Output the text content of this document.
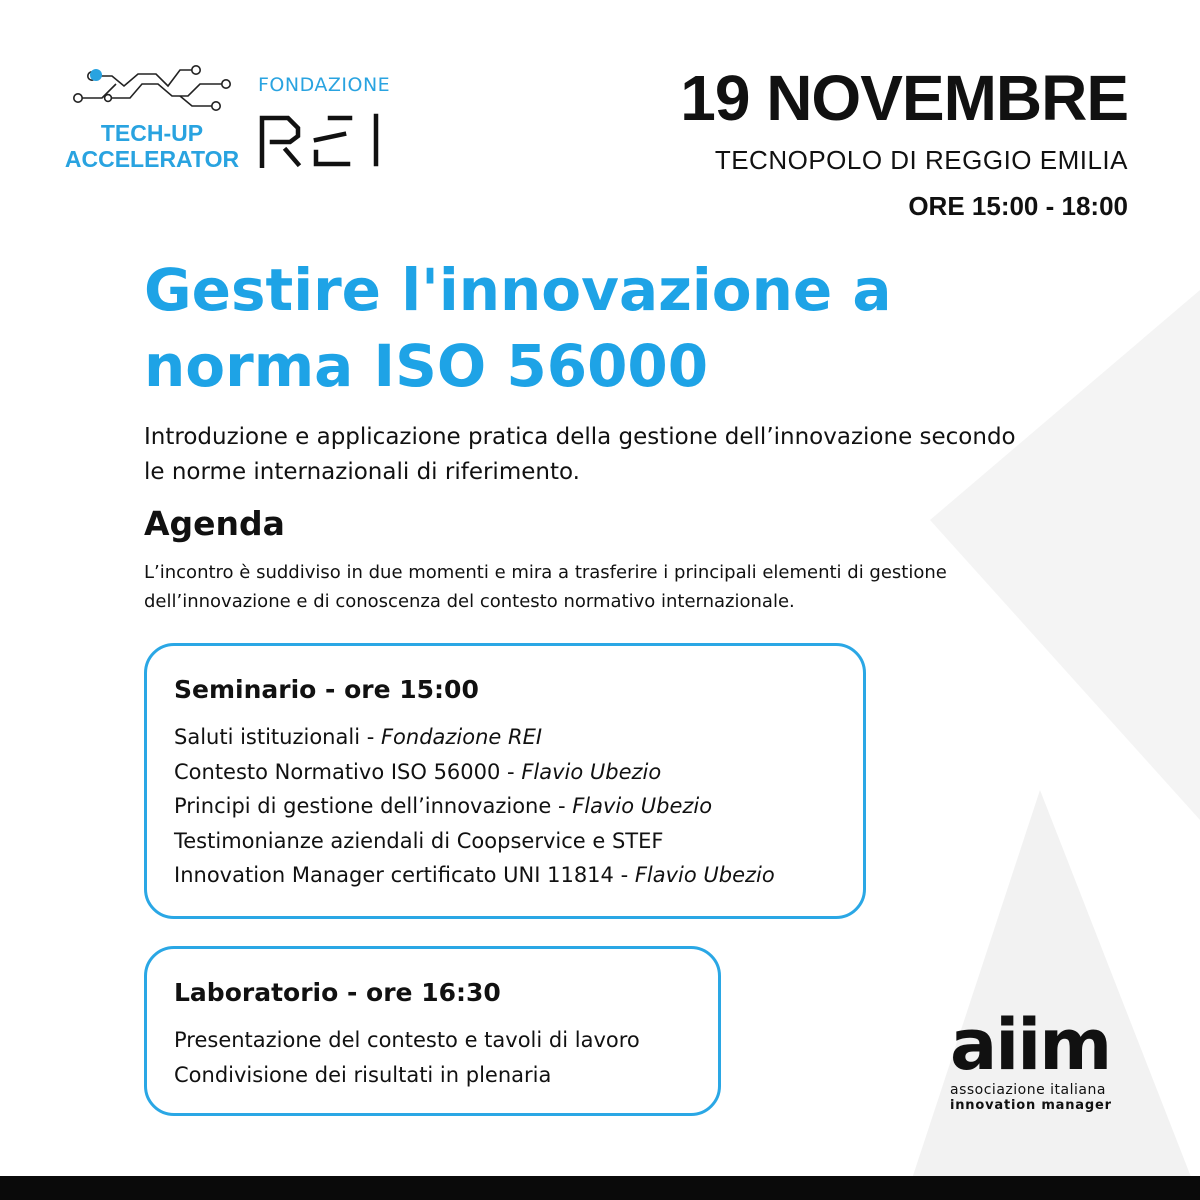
TECH-UP
ACCELERATOR
FONDAZIONE	19 NOVEMBRE
TECNOPOLO DI REGGIO EMILIA
ORE 15:00 - 18:00
Gestire l'innovazione a norma ISO 56000

Introduzione e applicazione pratica della gestione dell’innovazione secondo le norme internazionali di riferimento.

Agenda

L’incontro è suddiviso in due momenti e mira a trasferire i principali elementi di gestione dell’innovazione e di conoscenza del contesto normativo internazionale.

Seminario - ore 15:00
Saluti istituzionali - Fondazione REI
Contesto Normativo ISO 56000 - Flavio Ubezio
Principi di gestione dell’innovazione - Flavio Ubezio
Testimonianze aziendali di Coopservice e STEF
Innovation Manager certificato UNI 11814 - Flavio Ubezio
Laboratorio - ore 16:30
Presentazione del contesto e tavoli di lavoro
Condivisione dei risultati in plenaria	aiim
associazione italiana
innovation manager
